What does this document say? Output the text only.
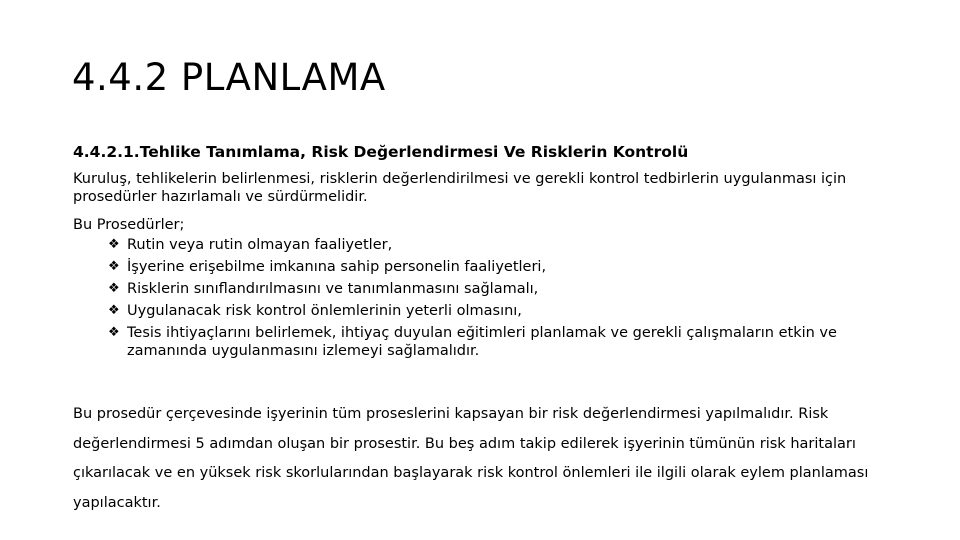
4.4.2 PLANLAMA
4.4.2.1.Tehlike Tanımlama, Risk Değerlendirmesi Ve Risklerin Kontrolü

Kuruluş, tehlikelerin belirlenmesi, risklerin değerlendirilmesi ve gerekli kontrol tedbirlerin uygulanması için prosedürler hazırlamalı ve sürdürmelidir.

Bu Prosedürler;

❖ Rutin veya rutin olmayan faaliyetler,
❖ İşyerine erişebilme imkanına sahip personelin faaliyetleri,
❖ Risklerin sınıflandırılmasını ve tanımlanmasını sağlamalı,
❖ Uygulanacak risk kontrol önlemlerinin yeterli olmasını,
❖ Tesis ihtiyaçlarını belirlemek, ihtiyaç duyulan eğitimleri planlamak ve gerekli çalışmaların etkin ve zamanında uygulanmasını izlemeyi sağlamalıdır.

Bu prosedür çerçevesinde işyerinin tüm proseslerini kapsayan bir risk değerlendirmesi yapılmalıdır. Risk değerlendirmesi 5 adımdan oluşan bir prosestir. Bu beş adım takip edilerek işyerinin tümünün risk haritaları çıkarılacak ve en yüksek risk skorlularından başlayarak risk kontrol önlemleri ile ilgili olarak eylem planlaması yapılacaktır.
